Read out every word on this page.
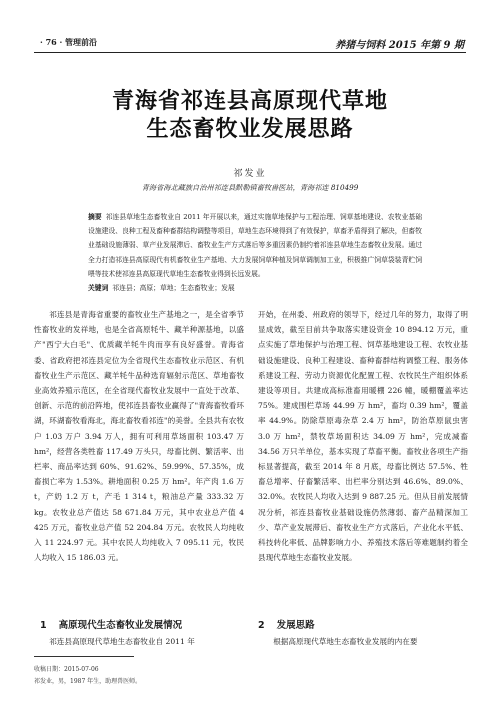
· 76 · 管理前沿	养猪与饲料 2015 年第 9 期
青海省祁连县高原现代草地
生态畜牧业发展思路
祁发业
青海省海北藏族自治州祁连县默勒镇畜牧兽医站，青海祁连 810499
摘要 祁连县草地生态畜牧业自 2011 年开展以来，通过实施草地保护与工程治理、饲草基地建设、农牧业基础设施建设、良种工程及畜种畜群结构调整等项目，草地生态环境得到了有效保护，草畜矛盾得到了解决，但畜牧业基础设施薄弱、草产业发展滞后、畜牧业生产方式落后等多重因素仍制约着祁连县草地生态畜牧业发展。通过全力打造祁连县高原现代有机畜牧业生产基地、大力发展饲草种植及饲草调制加工业，积极推广饲草袋装青贮饲喂等技术使祁连县高原现代草地生态畜牧业得到长远发展。
关键词 祁连县；高原；草地；生态畜牧业；发展

祁连县是青海省重要的畜牧业生产基地之一，是全省季节性畜牧业的发祥地，也是全省高原牦牛、藏羊种源基地，以盛产"西宁大白毛"、优质藏羊牦牛肉而享有良好盛誉。青海省委、省政府把祁连县定位为全省现代生态畜牧业示范区、有机畜牧业生产示范区、藏羊牦牛品种选育辐射示范区、草地畜牧业高效养殖示范区，在全省现代畜牧业发展中一直处于改革、创新、示范的前沿阵地，使祁连县畜牧业赢得了"青海畜牧看环湖，环湖畜牧看海北，海北畜牧看祁连"的美誉。全县共有农牧户 1.03 万户 3.94 万人，拥有可利用草场面积 103.47 万 hm²，经营各类牲畜 117.49 万头只，母畜比例、繁活率、出栏率、商品率达到 60%、91.62%、59.99%、57.35%，成畜损亡率为 1.53%。耕地面积 0.25 万 hm²。年产肉 1.6 万 t，产奶 1.2 万 t，产毛 1 314 t，粮油总产量 333.32 万 kg。农牧业总产值达 58 671.84 万元，其中农业总产值 4 425 万元，畜牧业总产值 52 204.84 万元。农牧民人均纯收入 11 224.97 元。其中农民人均纯收入 7 095.11 元，牧民人均收入 15 186.03 元。

开始，在州委、州政府的领导下，经过几年的努力，取得了明显成效，截至目前共争取落实建设资金 10 894.12 万元，重点实施了草地保护与治理工程、饲草基地建设工程、农牧业基础设施建设、良种工程建设、畜种畜群结构调整工程、服务体系建设工程、劳动力资源优化配置工程、农牧民生产组织体系建设等项目。共建成高标准畜用暖棚 226 幢，暖棚覆盖率达 75%。建成围栏草场 44.99 万 hm²，畜均 0.39 hm²，覆盖率 44.9%。防除草原毒杂草 2.4 万 hm²，防治草原鼠虫害 3.0 万 hm²，禁牧草场面积达 34.09 万 hm²，完成减畜 34.56 万只羊单位，基本实现了草畜平衡。畜牧业各项生产指标显著提高，截至 2014 年 8 月底，母畜比例达 57.5%、牲畜总增率、仔畜繁活率、出栏率分别达到 46.6%、89.0%、32.0%。农牧民人均收入达到 9 887.25 元。但从目前发展情况分析，祁连县畜牧业基础设施仍然薄弱、畜产品精深加工少、草产业发展滞后、畜牧业生产方式落后，产业化水平低、科技转化率低、品牌影响力小、养殖技术落后等难题制约着全县现代草地生态畜牧业发展。

1 高原现代生态畜牧业发展情况	2 发展思路
祁连县高原现代草地生态畜牧业自 2011 年	根据高原现代草地生态畜牧业发展的内在要
收稿日期：2015-07-06
祁发业，男，1987 年生，助理兽医师。
